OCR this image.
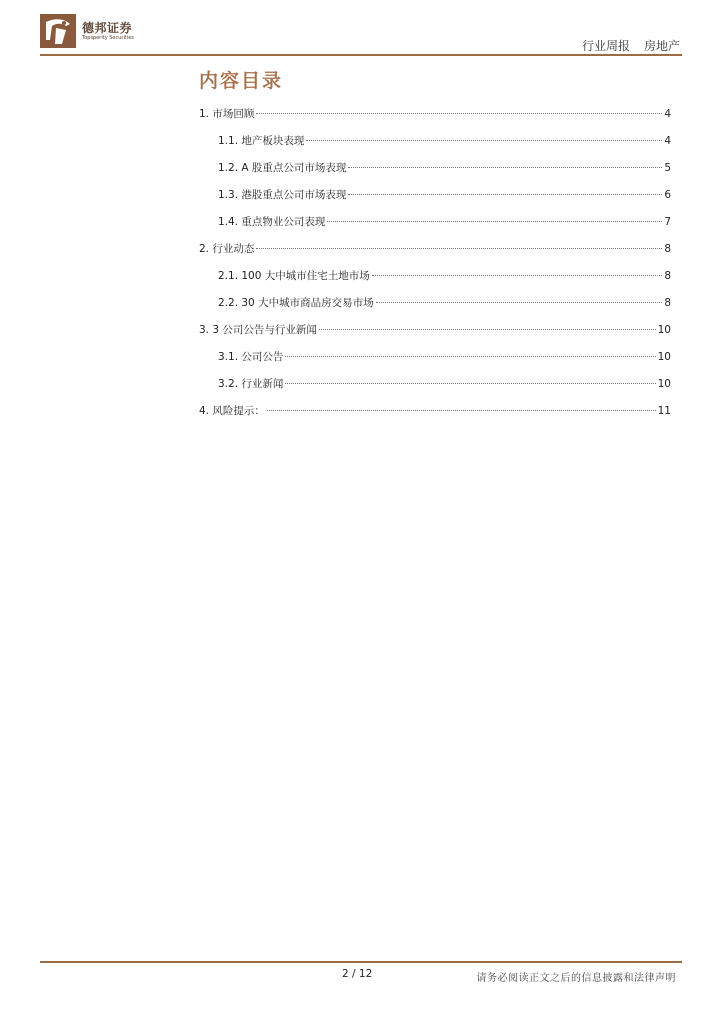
德邦证券
Topsperity Securities
行业周报 房地产
内容目录
1. 市场回顾	4
1.1. 地产板块表现	4
1.2. A 股重点公司市场表现	5
1.3. 港股重点公司市场表现	6
1.4. 重点物业公司表现	7
2. 行业动态	8
2.1. 100 大中城市住宅土地市场	8
2.2. 30 大中城市商品房交易市场	8
3. 3 公司公告与行业新闻	10
3.1. 公司公告	10
3.2. 行业新闻	10
4. 风险提示：	11
2 / 12	请务必阅读正文之后的信息披露和法律声明
